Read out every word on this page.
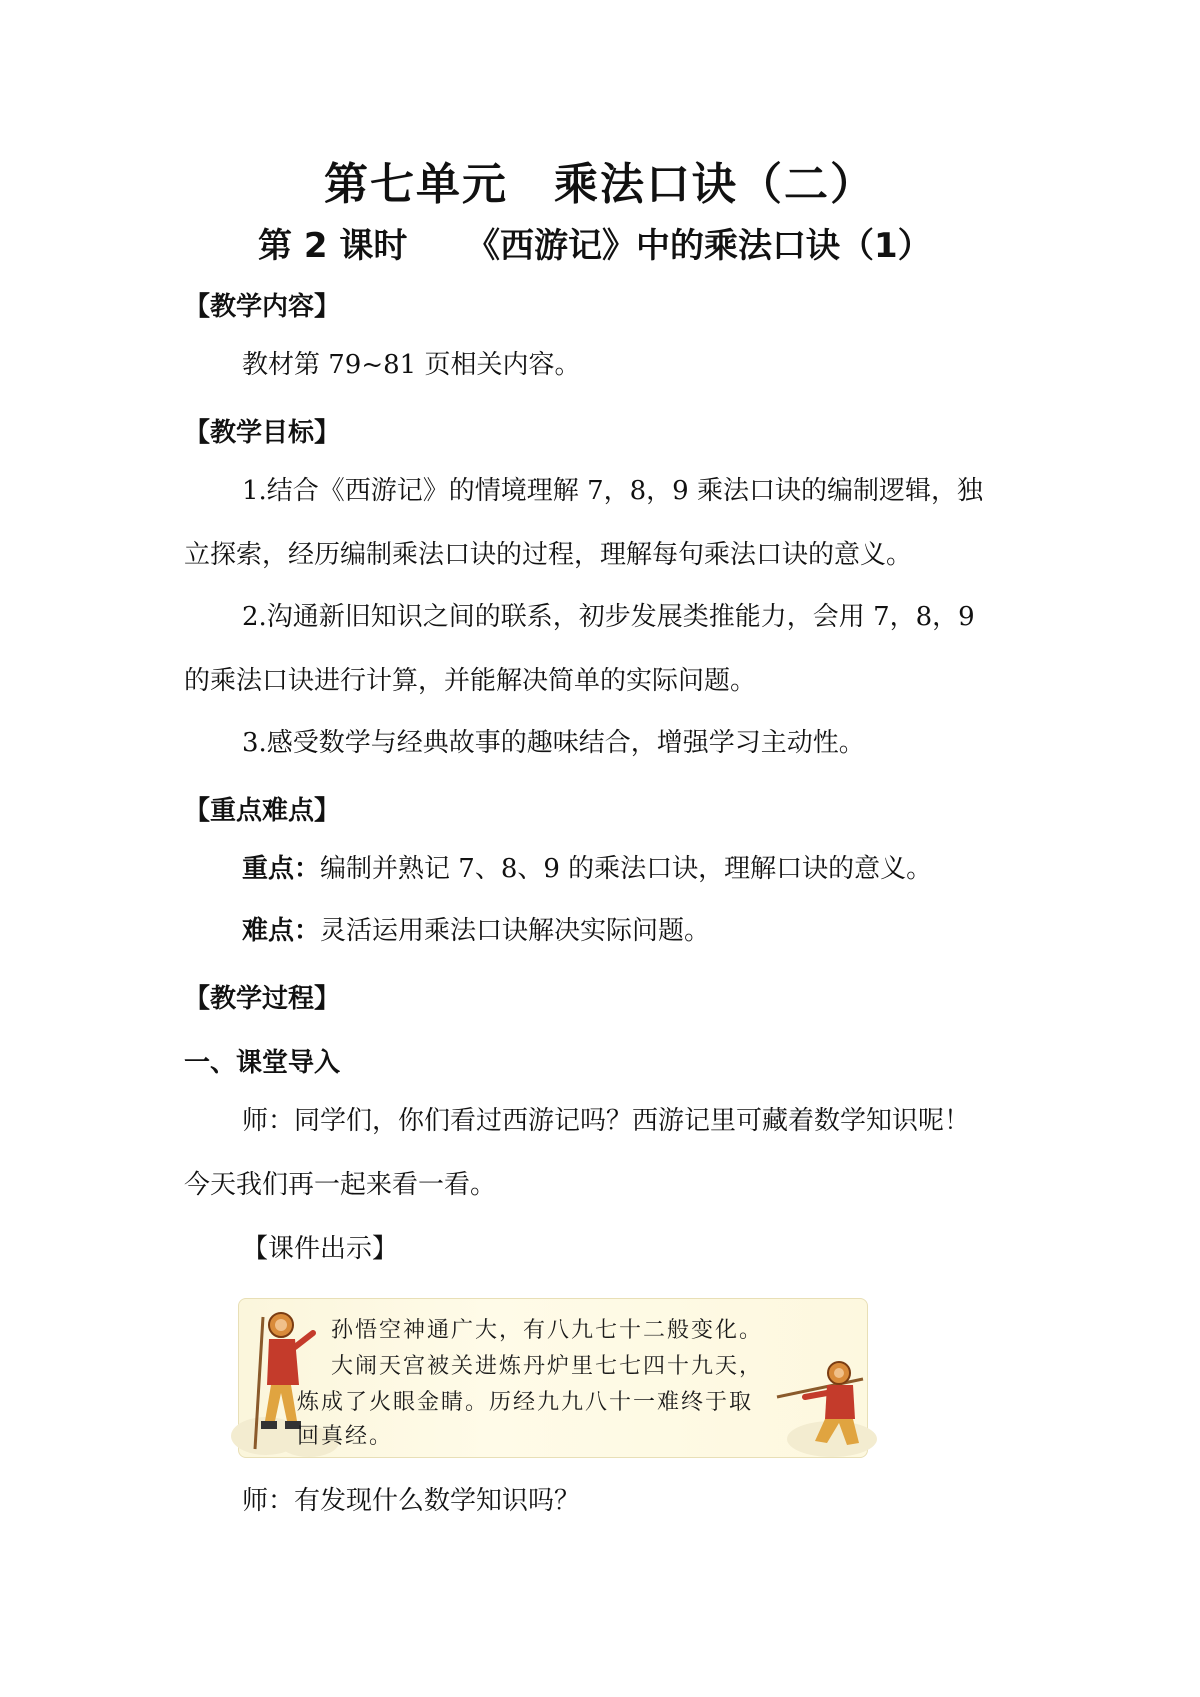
第七单元　乘法口诀（二）
第 2 课时 《西游记》中的乘法口诀（1）
【教学内容】
教材第 79~81 页相关内容。
【教学目标】
1.结合《西游记》的情境理解 7，8，9 乘法口诀的编制逻辑，独
立探索，经历编制乘法口诀的过程，理解每句乘法口诀的意义。
2.沟通新旧知识之间的联系，初步发展类推能力，会用 7，8，9
的乘法口诀进行计算，并能解决简单的实际问题。
3.感受数学与经典故事的趣味结合，增强学习主动性。
【重点难点】
重点：编制并熟记 7、8、9 的乘法口诀，理解口诀的意义。
难点：灵活运用乘法口诀解决实际问题。
【教学过程】
一、课堂导入
师：同学们，你们看过西游记吗？西游记里可藏着数学知识呢！
今天我们再一起来看一看。
【课件出示】
孙悟空神通广大，有八九七十二般变化。
大闹天宫被关进炼丹炉里七七四十九天，
炼成了火眼金睛。历经九九八十一难终于取
回真经。
师：有发现什么数学知识吗？
